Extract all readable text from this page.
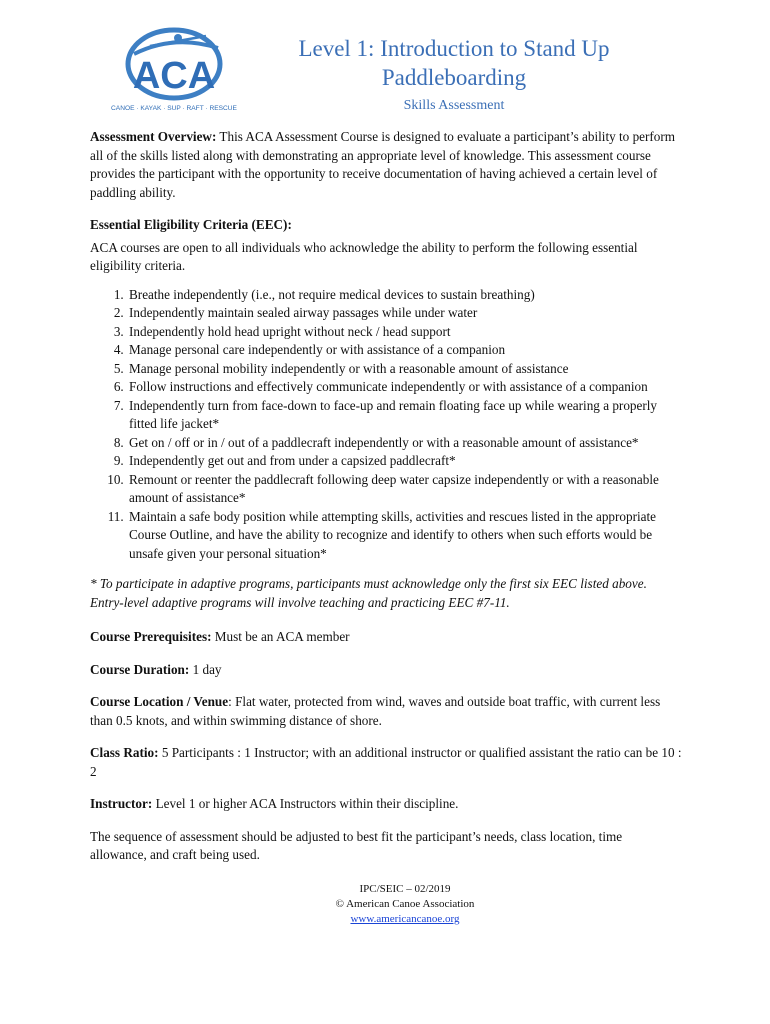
ACA
CANOE · KAYAK · SUP · RAFT · RESCUE
Level 1: Introduction to Stand Up
Paddleboarding
Skills Assessment

Assessment Overview: This ACA Assessment Course is designed to evaluate a participant’s ability to perform all of the skills listed along with demonstrating an appropriate level of knowledge. This assessment course provides the participant with the opportunity to receive documentation of having achieved a certain level of paddling ability.

Essential Eligibility Criteria (EEC):

ACA courses are open to all individuals who acknowledge the ability to perform the following essential eligibility criteria.

1. Breathe independently (i.e., not require medical devices to sustain breathing)
2. Independently maintain sealed airway passages while under water
3. Independently hold head upright without neck / head support
4. Manage personal care independently or with assistance of a companion
5. Manage personal mobility independently or with a reasonable amount of assistance
6. Follow instructions and effectively communicate independently or with assistance of a companion
7. Independently turn from face-down to face-up and remain floating face up while wearing a properly fitted life jacket*
8. Get on / off or in / out of a paddlecraft independently or with a reasonable amount of assistance*
9. Independently get out and from under a capsized paddlecraft*
10. Remount or reenter the paddlecraft following deep water capsize independently or with a reasonable amount of assistance*
11. Maintain a safe body position while attempting skills, activities and rescues listed in the appropriate Course Outline, and have the ability to recognize and identify to others when such efforts would be unsafe given your personal situation*

* To participate in adaptive programs, participants must acknowledge only the first six EEC listed above. Entry-level adaptive programs will involve teaching and practicing EEC #7-11.

Course Prerequisites: Must be an ACA member

Course Duration: 1 day

Course Location / Venue: Flat water, protected from wind, waves and outside boat traffic, with current less than 0.5 knots, and within swimming distance of shore.

Class Ratio: 5 Participants : 1 Instructor; with an additional instructor or qualified assistant the ratio can be 10 : 2

Instructor: Level 1 or higher ACA Instructors within their discipline.

The sequence of assessment should be adjusted to best fit the participant’s needs, class location, time allowance, and craft being used.

IPC/SEIC – 02/2019
© American Canoe Association
www.americancanoe.org
